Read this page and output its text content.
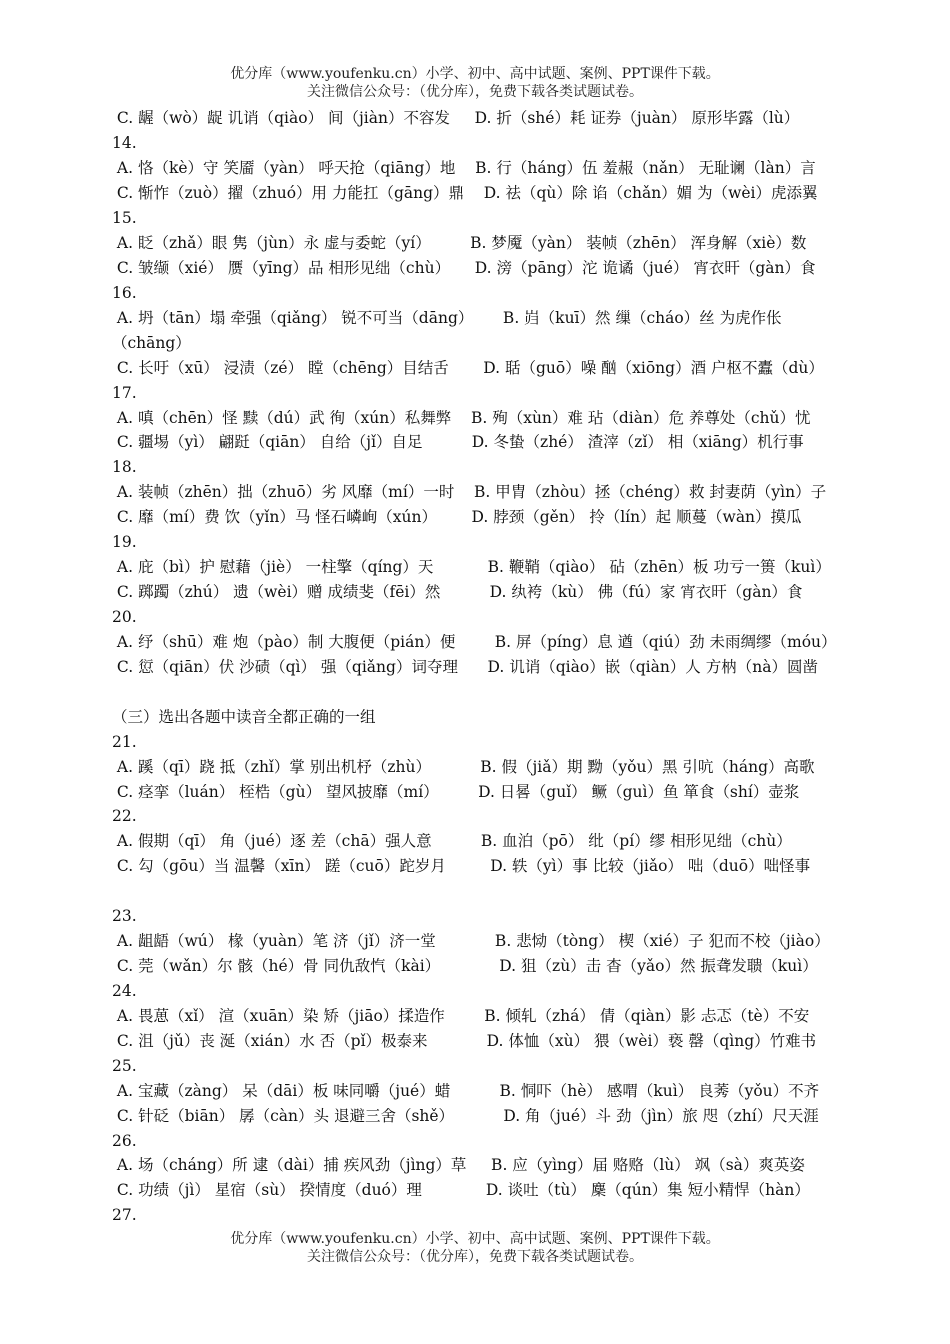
优分库（www.youfenku.cn）小学、初中、高中试题、案例、PPT课件下载。
关注微信公众号：（优分库），免费下载各类试题试卷。
C. 龌（wò）龊 讥诮（qiào） 间（jiàn）不容发     D. 折（shé）耗 证券（juàn） 原形毕露（lù）
14.
A. 恪（kè）守 笑靥（yàn） 呼天抢（qiāng）地    B. 行（háng）伍 羞赧（nǎn） 无耻谰（làn）言
C. 惭怍（zuò）擢（zhuó）用 力能扛（gāng）鼎    D. 祛（qù）除 谄（chǎn）媚 为（wèi）虎添翼
15.
A. 眨（zhǎ）眼 隽（jùn）永 虚与委蛇（yí）        B. 梦魇（yàn） 装帧（zhēn） 浑身解（xiè）数
C. 皱缬（xié） 赝（yīng）品 相形见绌（chù）     D. 滂（pāng）沱 诡谲（jué） 宵衣旰（gàn）食
16.
A. 坍（tān）塌 牵强（qiǎng） 锐不可当（dāng）      B. 岿（kuī）然 缫（cháo）丝 为虎作伥
（chāng）
C. 长吁（xū） 浸渍（zé） 瞠（chēng）目结舌       D. 聒（guō）噪 酗（xiōng）酒 户枢不蠹（dù）
17.
A. 嗔（chēn）怪 黩（dú）武 徇（xún）私舞弊    B. 殉（xùn）难 玷（diàn）危 养尊处（chǔ）忧
C. 疆埸（yì） 翩跹（qiān） 自给（jǐ）自足          D. 冬蛰（zhé） 渣滓（zǐ） 相（xiāng）机行事
18.
A. 装帧（zhēn）拙（zhuō）劣 风靡（mí）一时    B. 甲胄（zhòu）拯（chéng）救 封妻荫（yìn）子
C. 靡（mí）费 饮（yǐn）马 怪石嶙峋（xún）       D. 脖颈（gěn） 拎（lín）起 顺蔓（wàn）摸瓜
19.
A. 庇（bì）护 慰藉（jiè） 一柱擎（qíng）天           B. 鞭鞘（qiào） 砧（zhēn）板 功亏一篑（kuì）
C. 踯躅（zhú） 遗（wèi）赠 成绩斐（fēi）然          D. 纨袴（kù） 佛（fú）家 宵衣旰（gàn）食
20.
A. 纾（shū）难 炮（pào）制 大腹便（pián）便        B. 屏（píng）息 遒（qiú）劲 未雨绸缪（móu）
C. 愆（qiān）伏 沙碛（qì） 强（qiǎng）词夺理      D. 讥诮（qiào）嵌（qiàn）人 方枘（nà）圆凿
（三）选出各题中读音全都正确的一组
21.
A. 蹊（qī）跷 抵（zhǐ）掌 别出机杼（zhù）          B. 假（jiǎ）期 黝（yǒu）黑 引吭（háng）高歌
C. 痉挛（luán） 桎梏（gù） 望风披靡（mí）        D. 日晷（guǐ） 鳜（guì）鱼 箪食（shí）壶浆
22.
A. 假期（qī） 角（jué）逐 差（chā）强人意          B. 血泊（pō） 纰（pí）缪 相形见绌（chù）
C. 勾（gōu）当 温馨（xīn） 蹉（cuō）跎岁月         D. 轶（yì）事 比较（jiǎo） 咄（duō）咄怪事
23.
A. 龃龉（wú） 椽（yuàn）笔 济（jǐ）济一堂            B. 悲恸（tòng） 楔（xié）子 犯而不校（jiào）
C. 莞（wǎn）尔 骸（hé）骨 同仇敌忾（kài）            D. 狙（zù）击 杳（yǎo）然 振聋发聩（kuì）
24.
A. 畏葸（xǐ） 渲（xuān）染 矫（jiāo）揉造作        B. 倾轧（zhá） 倩（qiàn）影 忐忑（tè）不安
C. 沮（jǔ）丧 涎（xián）水 否（pǐ）极泰来            D. 体恤（xù） 猥（wèi）亵 罄（qìng）竹难书
25.
A. 宝藏（zàng） 呆（dāi）板 味同嚼（jué）蜡          B. 恫吓（hè） 感喟（kuì） 良莠（yǒu）不齐
C. 针砭（biān） 孱（càn）头 退避三舍（shě）          D. 角（jué）斗 劲（jìn）旅 咫（zhí）尺天涯
26.
A. 场（cháng）所 逮（dài）捕 疾风劲（jìng）草     B. 应（yìng）届 赂赂（lù） 飒（sà）爽英姿
C. 功绩（jì） 星宿（sù） 揆情度（duó）理             D. 谈吐（tù） 麇（qún）集 短小精悍（hàn）
27.
优分库（www.youfenku.cn）小学、初中、高中试题、案例、PPT课件下载。
关注微信公众号：（优分库），免费下载各类试题试卷。
